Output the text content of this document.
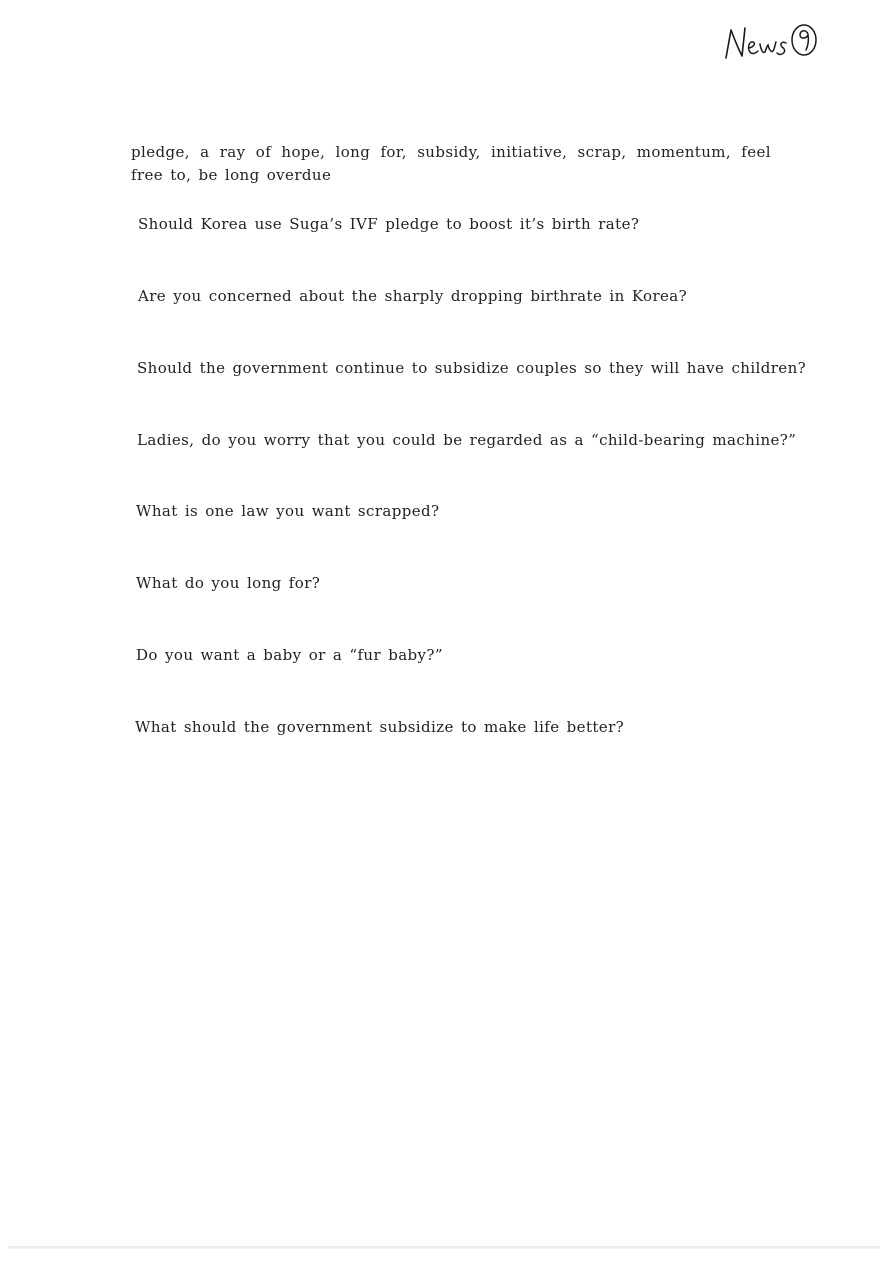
pledge, a ray of hope, long for, subsidy, initiative, scrap, momentum, feel free to, be long overdue
Should Korea use Suga’s IVF pledge to boost it’s birth rate?
Are you concerned about the sharply dropping birthrate in Korea?
Should the government continue to subsidize couples so they will have children?
Ladies, do you worry that you could be regarded as a “child-bearing machine?”
What is one law you want scrapped?
What do you long for?
Do you want a baby or a “fur baby?”
What should the government subsidize to make life better?
